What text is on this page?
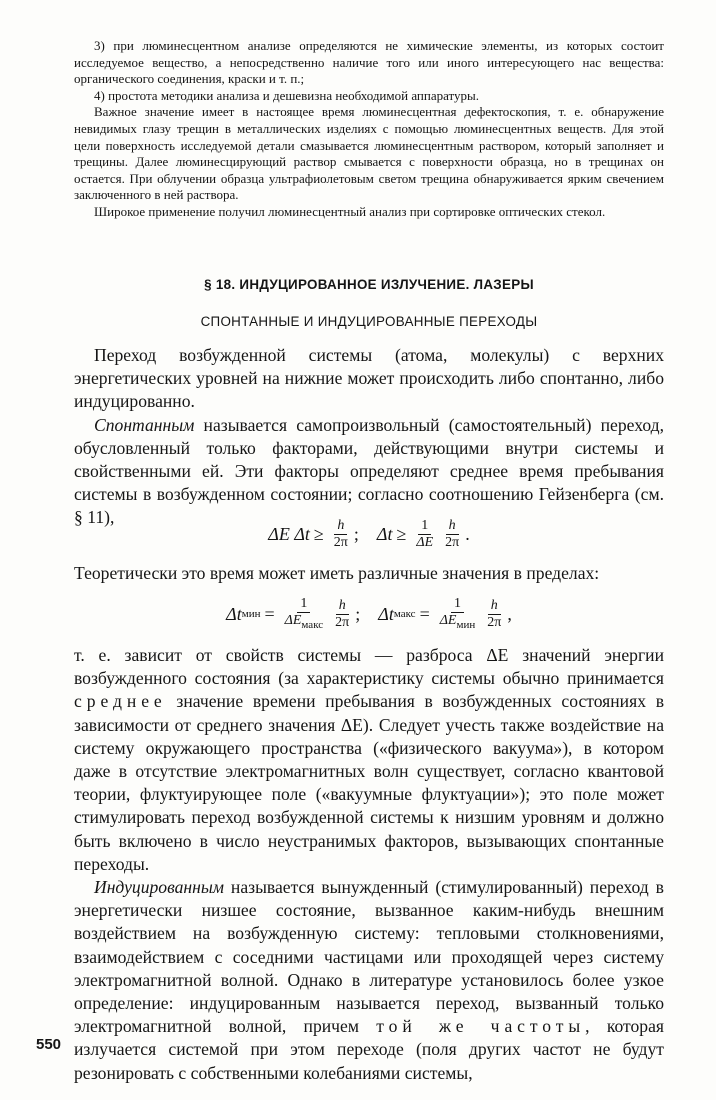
3) при люминесцентном анализе определяются не химические элементы, из которых состоит исследуемое вещество, а непосредственно наличие того или иного интересующего нас вещества: органического соединения, краски и т. п.;

4) простота методики анализа и дешевизна необходимой аппаратуры.

Важное значение имеет в настоящее время люминесцентная дефектоскопия, т. е. обнаружение невидимых глазу трещин в металлических изделиях с помощью люминесцентных веществ. Для этой цели поверхность исследуемой детали смазывается люминесцентным раствором, который заполняет и трещины. Далее люминесцирующий раствор смывается с поверхности образца, но в трещинах он остается. При облучении образца ультрафиолетовым светом трещина обнаруживается ярким свечением заключенного в ней раствора.

Широкое применение получил люминесцентный анализ при сортировке оптических стекол.

§ 18. ИНДУЦИРОВАННОЕ ИЗЛУЧЕНИЕ. ЛАЗЕРЫ
СПОНТАННЫЕ И ИНДУЦИРОВАННЫЕ ПЕРЕХОДЫ

Переход возбужденной системы (атома, молекулы) с верхних энергетических уровней на нижние может происходить либо спонтанно, либо индуцированно.

Спонтанным называется самопроизвольный (самостоятельный) переход, обусловленный только факторами, действующими внутри системы и свойственными ей. Эти факторы определяют среднее время пребывания системы в возбужденном состоянии; согласно соотношению Гейзенберга (см. § 11),

ΔE $\Delta t \ge \frac{h}{2\pi}$ ; $\Delta t \ge \frac{1}{\Delta E} \frac{h}{2\pi}$ .

Теоретически это время может иметь различные значения в пределах:

Δt мин = $\frac{1}{\Delta E_{макс}} \frac{h}{2\pi}$ ; Δt макс = $\frac{1}{\Delta E_{мин}} \frac{h}{2\pi}$ ,

т. е. зависит от свойств системы — разброса ΔE значений энергии возбужденного состояния (за характеристику системы обычно принимается среднее значение времени пребывания в возбужденных состояниях в зависимости от среднего значения ΔE). Следует учесть также воздействие на систему окружающего пространства («физического вакуума»), в котором даже в отсутствие электромагнитных волн существует, согласно квантовой теории, флуктуирующее поле («вакуумные флуктуации»); это поле может стимулировать переход возбужденной системы к низшим уровням и должно быть включено в число неустранимых факторов, вызывающих спонтанные переходы.

Индуцированным называется вынужденный (стимулированный) переход в энергетически низшее состояние, вызванное каким-нибудь внешним воздействием на возбужденную систему: тепловыми столкновениями, взаимодействием с соседними частицами или проходящей через систему электромагнитной волной. Однако в литературе установилось более узкое определение: индуцированным называется переход, вызванный только электромагнитной волной, причем той же частоты, которая излучается системой при этом переходе (поля других частот не будут резонировать с собственными колебаниями системы,

550
